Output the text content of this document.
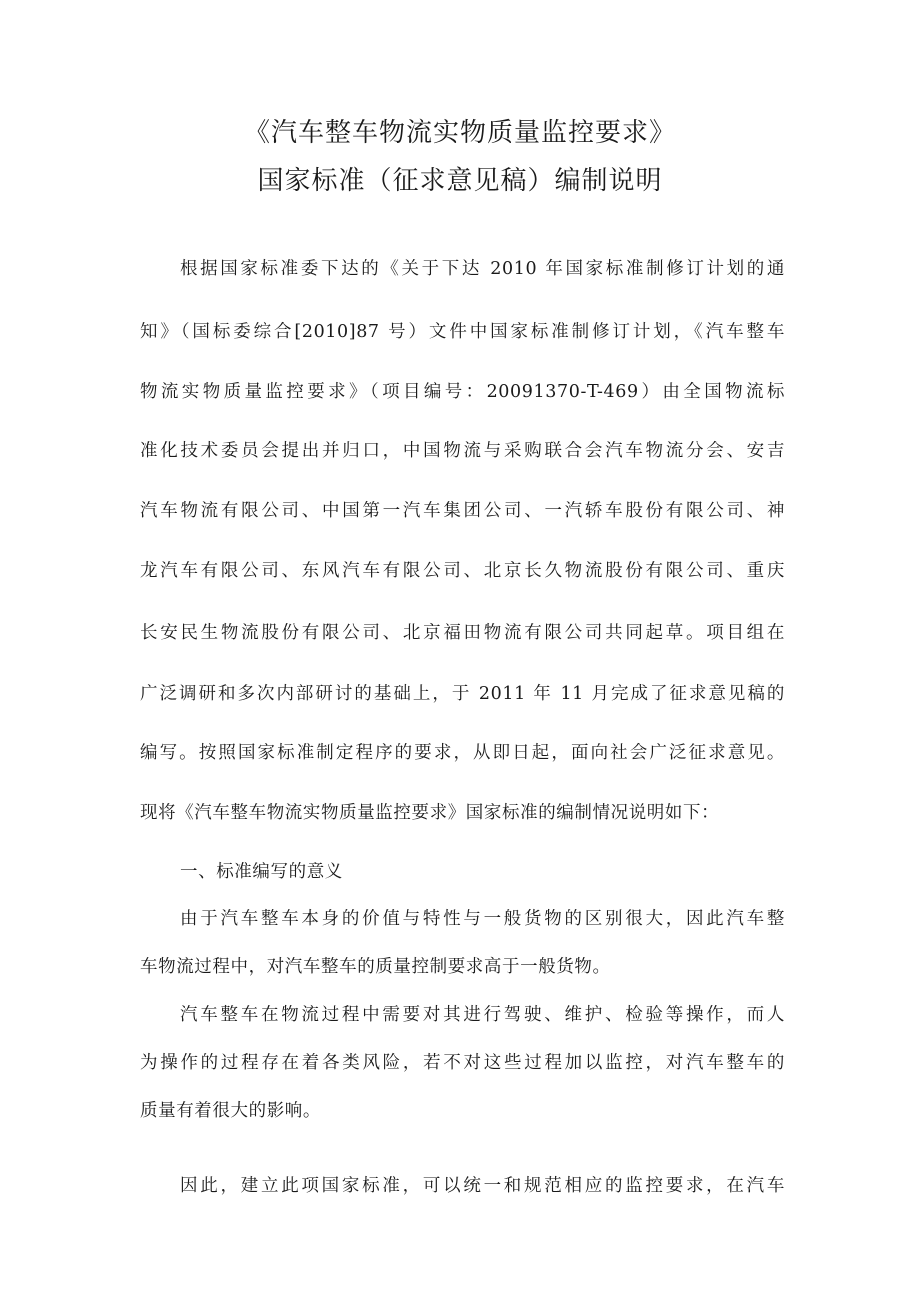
《汽车整车物流实物质量监控要求》
国家标准（征求意见稿）编制说明
根据国家标准委下达的《关于下达 2010 年国家标准制修订计划的通
知》（国标委综合[2010]87 号）文件中国家标准制修订计划，《汽车整车
物流实物质量监控要求》（项目编号：20091370-T-469）由全国物流标
准化技术委员会提出并归口，中国物流与采购联合会汽车物流分会、安吉
汽车物流有限公司、中国第一汽车集团公司、一汽轿车股份有限公司、神
龙汽车有限公司、东风汽车有限公司、北京长久物流股份有限公司、重庆
长安民生物流股份有限公司、北京福田物流有限公司共同起草。项目组在
广泛调研和多次内部研讨的基础上，于 2011 年 11 月完成了征求意见稿的
编写。按照国家标准制定程序的要求，从即日起，面向社会广泛征求意见。
现将《汽车整车物流实物质量监控要求》国家标准的编制情况说明如下：
一、标准编写的意义
由于汽车整车本身的价值与特性与一般货物的区别很大，因此汽车整
车物流过程中，对汽车整车的质量控制要求高于一般货物。
汽车整车在物流过程中需要对其进行驾驶、维护、检验等操作，而人
为操作的过程存在着各类风险，若不对这些过程加以监控，对汽车整车的
质量有着很大的影响。
因此，建立此项国家标准，可以统一和规范相应的监控要求，在汽车
